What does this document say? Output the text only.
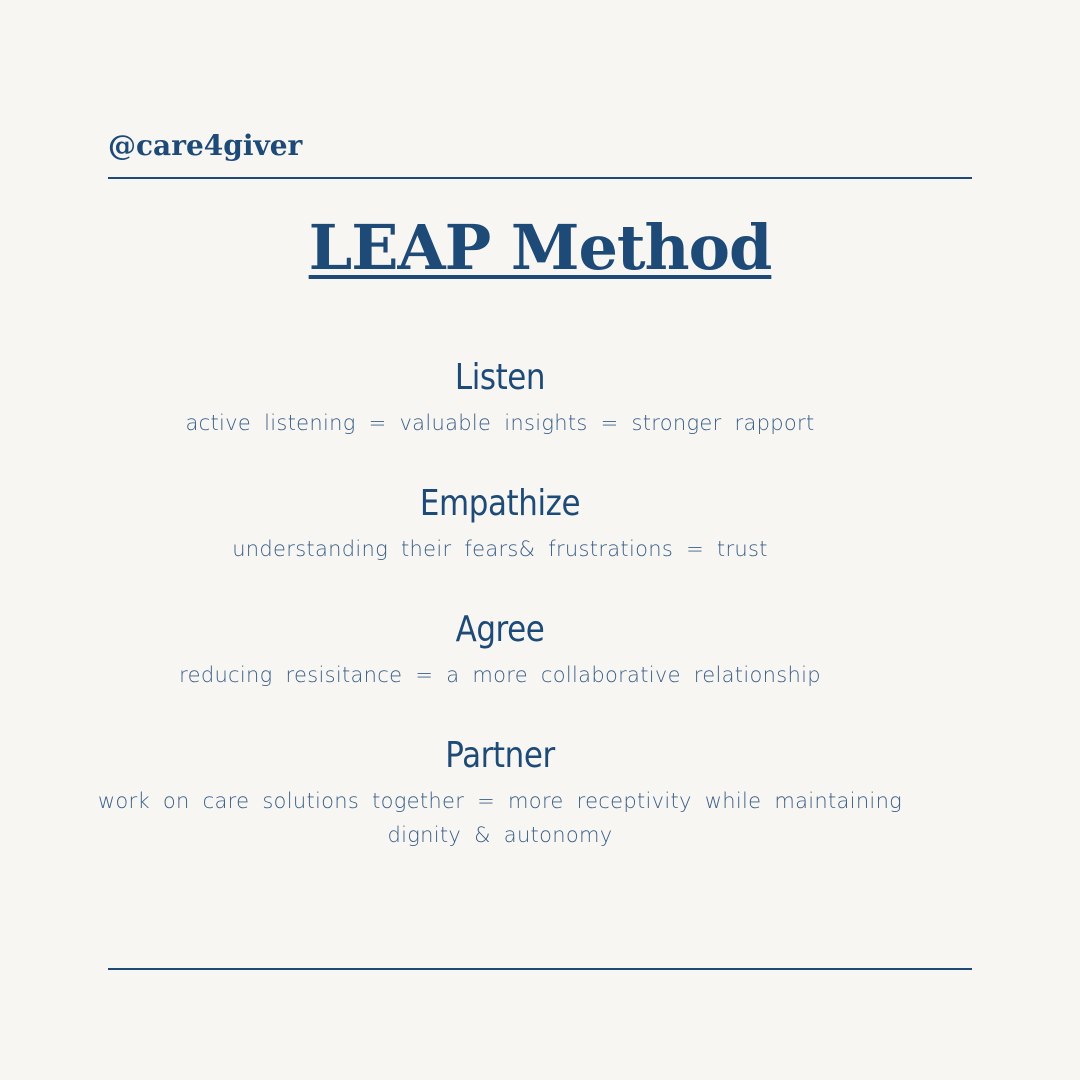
@care4giver
LEAP Method
Listen
active listening = valuable insights = stronger rapport
Empathize
understanding their fears& frustrations = trust
Agree
reducing resisitance = a more collaborative relationship
Partner
work on care solutions together = more receptivity while maintaining dignity & autonomy
